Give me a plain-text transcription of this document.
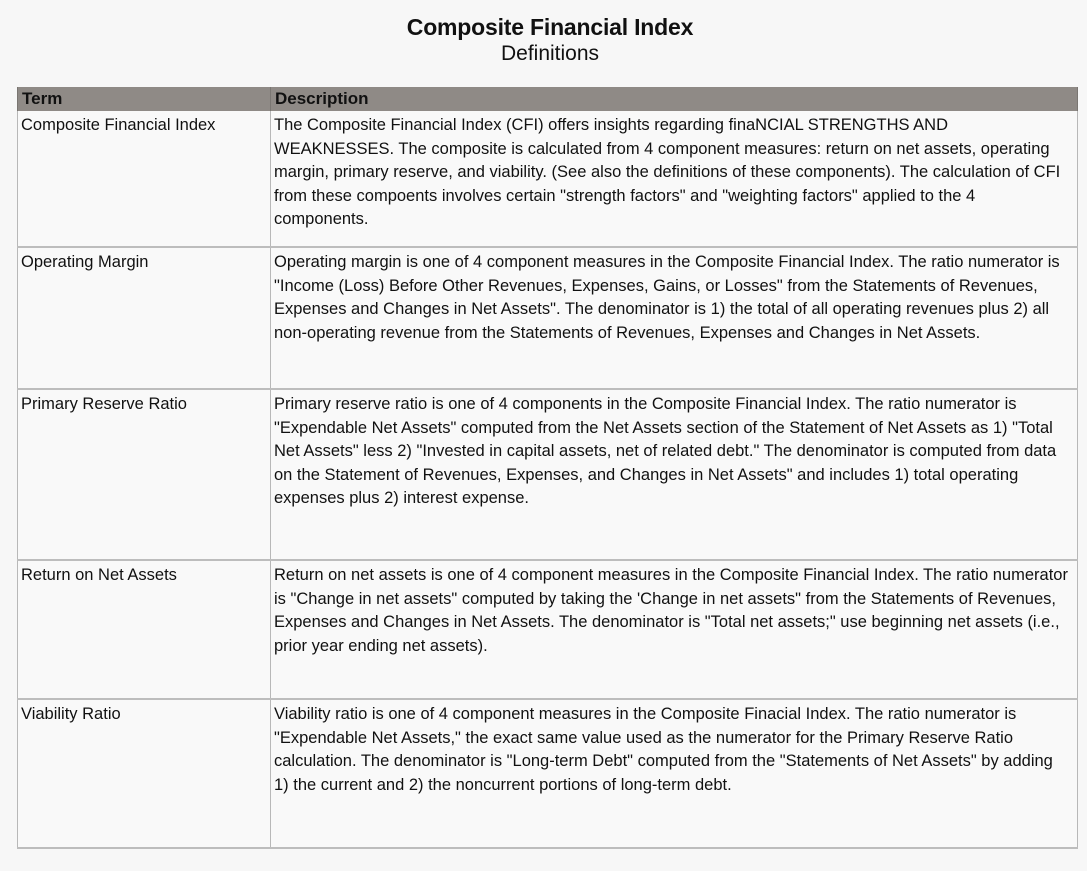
Composite Financial Index
Definitions
Term	Description
Composite Financial Index	The Composite Financial Index (CFI) offers insights regarding finaNCIAL STRENGTHS AND WEAKNESSES. The composite is calculated from 4 component measures: return on net assets, operating margin, primary reserve, and viability. (See also the definitions of these components). The calculation of CFI from these compoents involves certain "strength factors" and "weighting factors" applied to the 4 components.
Operating Margin	Operating margin is one of 4 component measures in the Composite Financial Index. The ratio numerator is "Income (Loss) Before Other Revenues, Expenses, Gains, or Losses" from the Statements of Revenues, Expenses and Changes in Net Assets". The denominator is 1) the total of all operating revenues plus 2) all non-operating revenue from the Statements of Revenues, Expenses and Changes in Net Assets.
Primary Reserve Ratio	Primary reserve ratio is one of 4 components in the Composite Financial Index. The ratio numerator is "Expendable Net Assets" computed from the Net Assets section of the Statement of Net Assets as 1) "Total Net Assets" less 2) "Invested in capital assets, net of related debt." The denominator is computed from data on the Statement of Revenues, Expenses, and Changes in Net Assets" and includes 1) total operating expenses plus 2) interest expense.
Return on Net Assets	Return on net assets is one of 4 component measures in the Composite Financial Index. The ratio numerator is "Change in net assets" computed by taking the 'Change in net assets" from the Statements of Revenues, Expenses and Changes in Net Assets. The denominator is "Total net assets;" use beginning net assets (i.e., prior year ending net assets).
Viability Ratio	Viability ratio is one of 4 component measures in the Composite Finacial Index. The ratio numerator is "Expendable Net Assets," the exact same value used as the numerator for the Primary Reserve Ratio calculation. The denominator is "Long-term Debt" computed from the "Statements of Net Assets" by adding 1) the current and 2) the noncurrent portions of long-term debt.
